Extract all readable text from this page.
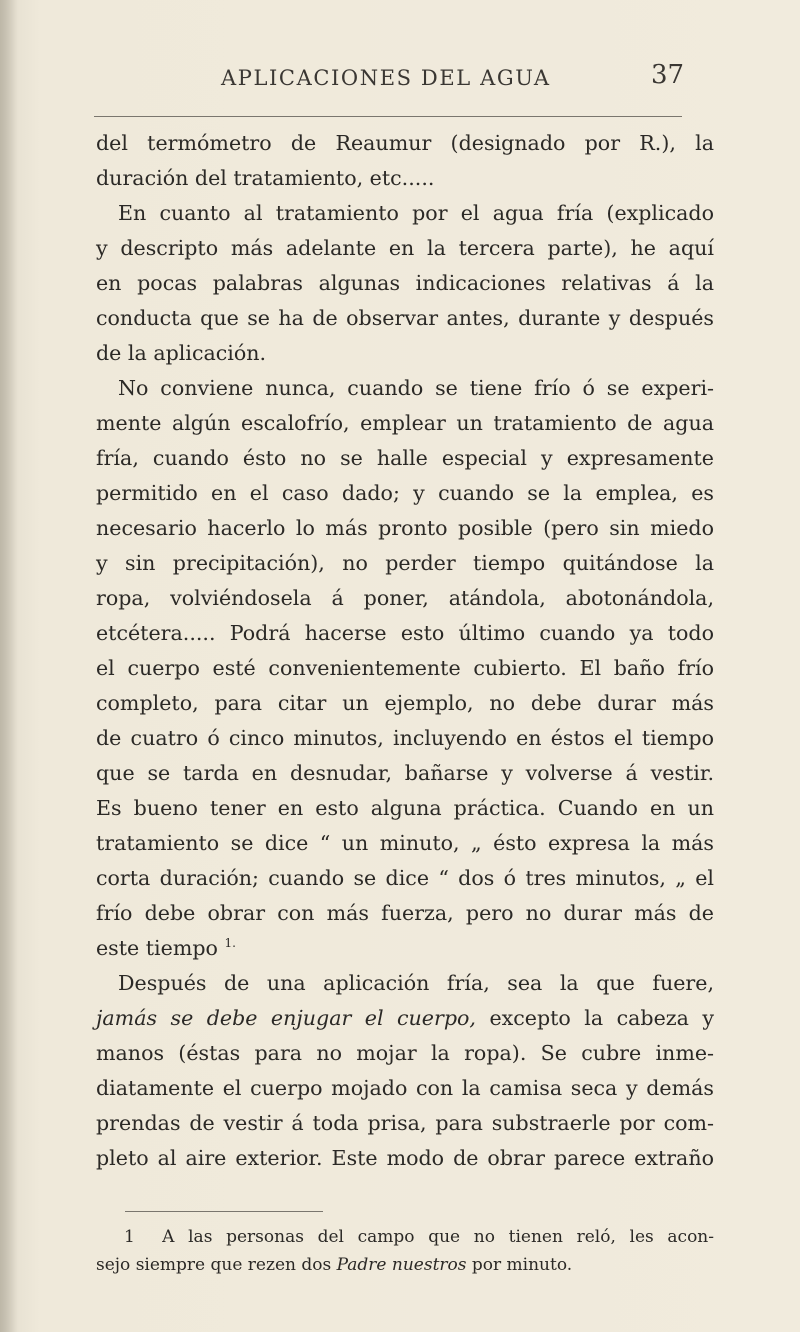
APLICACIONES DEL AGUA	37
del termómetro de Reaumur (designado por R.), la
duración del tratamiento, etc.....
En cuanto al tratamiento por el agua fría (explicado
y descripto más adelante en la tercera parte), he aquí
en pocas palabras algunas indicaciones relativas á la
conducta que se ha de observar antes, durante y después
de la aplicación.
No conviene nunca, cuando se tiene frío ó se experi-
mente algún escalofrío, emplear un tratamiento de agua
fría, cuando ésto no se halle especial y expresamente
permitido en el caso dado; y cuando se la emplea, es
necesario hacerlo lo más pronto posible (pero sin miedo
y sin precipitación), no perder tiempo quitándose la
ropa, volviéndosela á poner, atándola, abotonándola,
etcétera..... Podrá hacerse esto último cuando ya todo
el cuerpo esté convenientemente cubierto. El baño frío
completo, para citar un ejemplo, no debe durar más
de cuatro ó cinco minutos, incluyendo en éstos el tiempo
que se tarda en desnudar, bañarse y volverse á vestir.
Es bueno tener en esto alguna práctica. Cuando en un
tratamiento se dice “ un minuto, „ ésto expresa la más
corta duración; cuando se dice “ dos ó tres minutos, „ el
frío debe obrar con más fuerza, pero no durar más de
este tiempo $^{1.}$
Después de una aplicación fría, sea la que fuere,
jamás se debe enjugar el cuerpo, excepto la cabeza y
manos (éstas para no mojar la ropa). Se cubre inme-
diatamente el cuerpo mojado con la camisa seca y demás
prendas de vestir á toda prisa, para substraerle por com-
pleto al aire exterior. Este modo de obrar parece extraño
1 A las personas del campo que no tienen reló, les acon-
sejo siempre que rezen dos Padre nuestros por minuto.
